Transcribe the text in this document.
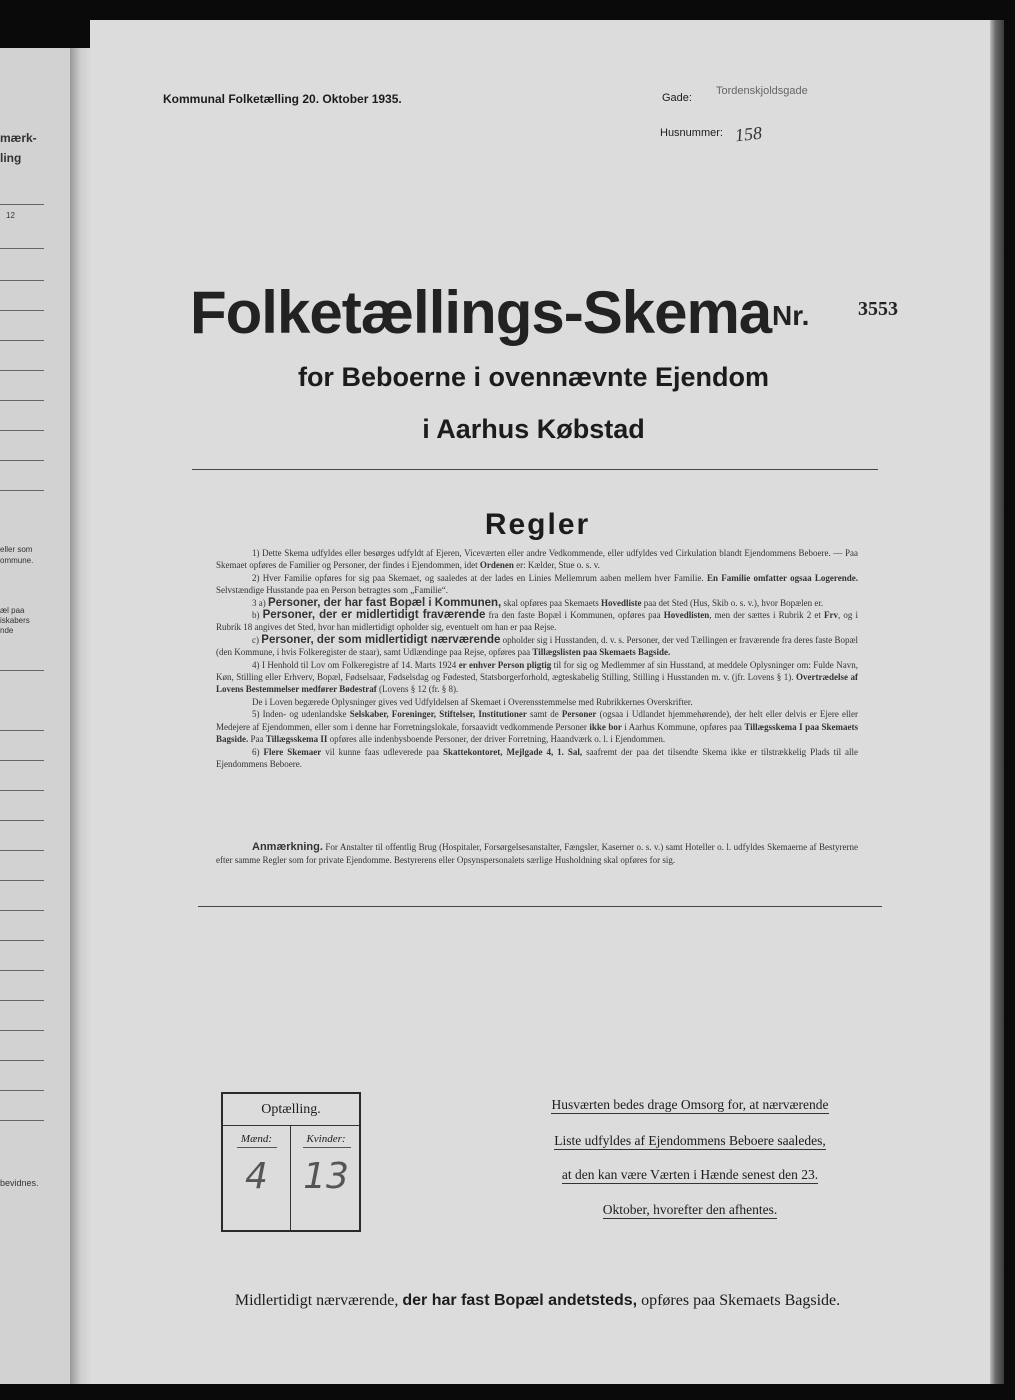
mærk-
ling
12
eller som
ommune.
æl paa
iskabers
nde
bevidnes.
Kommunal Folketælling 20. Oktober 1935.	Gade:
Tordenskjoldsgade
Husnummer: 158
Folketællings-Skema Nr. 3553
for Beboerne i ovennævnte Ejendom
i Aarhus Købstad
Regler

1) Dette Skema udfyldes eller besørges udfyldt af Ejeren, Viceværten eller andre Vedkommende, eller udfyldes ved Cirkulation blandt Ejendommens Beboere. — Paa Skemaet opføres de Familier og Personer, der findes i Ejendommen, idet Ordenen er: Kælder, Stue o. s. v.

2) Hver Familie opføres for sig paa Skemaet, og saaledes at der lades en Linies Mellemrum aaben mellem hver Familie. En Familie omfatter ogsaa Logerende. Selvstændige Husstande paa en Person betragtes som „Familie“.

3 a) Personer, der har fast Bopæl i Kommunen, skal opføres paa Skemaets Hovedliste paa det Sted (Hus, Skib o. s. v.), hvor Bopælen er.

b) Personer, der er midlertidigt fraværende fra den faste Bopæl i Kommunen, opføres paa Hovedlisten, men der sættes i Rubrik 2 et Frv, og i Rubrik 18 angives det Sted, hvor han midlertidigt opholder sig, eventuelt om han er paa Rejse.

c) Personer, der som midlertidigt nærværende opholder sig i Husstanden, d. v. s. Personer, der ved Tællingen er fraværende fra deres faste Bopæl (den Kommune, i hvis Folkeregister de staar), samt Udlændinge paa Rejse, opføres paa Tillægslisten paa Skemaets Bagside.

4) I Henhold til Lov om Folkeregistre af 14. Marts 1924 er enhver Person pligtig til for sig og Medlemmer af sin Husstand, at meddele Oplysninger om: Fulde Navn, Køn, Stilling eller Erhverv, Bopæl, Fødselsaar, Fødselsdag og Fødested, Statsborgerforhold, ægteskabelig Stilling, Stilling i Husstanden m. v. (jfr. Lovens § 1). Overtrædelse af Lovens Bestemmelser medfører Bødestraf (Lovens § 12 (fr. § 8).

De i Loven begærede Oplysninger gives ved Udfyldelsen af Skemaet i Overensstemmelse med Rubrikkernes Overskrifter.

5) Inden- og udenlandske Selskaber, Foreninger, Stiftelser, Institutioner samt de Personer (ogsaa i Udlandet hjemmehørende), der helt eller delvis er Ejere eller Medejere af Ejendommen, eller som i denne har Forretningslokale, forsaavidt vedkommende Personer ikke bor i Aarhus Kommune, opføres paa Tillægsskema I paa Skemaets Bagside. Paa Tillægsskema II opføres alle indenbysboende Personer, der driver Forretning, Haandværk o. l. i Ejendommen.

6) Flere Skemaer vil kunne faas udleverede paa Skattekontoret, Mejlgade 4, 1. Sal, saafremt der paa det tilsendte Skema ikke er tilstrækkelig Plads til alle Ejendommens Beboere.

Anmærkning. For Anstalter til offentlig Brug (Hospitaler, Forsørgelsesanstalter, Fængsler, Kaserner o. s. v.) samt Hoteller o. l. udfyldes Skemaerne af Bestyrerne efter samme Regler som for private Ejendomme. Bestyrerens eller Opsynspersonalets særlige Husholdning skal opføres for sig.
Optælling.
Mænd:	Kvinder:
4 13
Husværten bedes drage Omsorg for, at nærværende
Liste udfyldes af Ejendommens Beboere saaledes,
at den kan være Værten i Hænde senest den 23.
Oktober, hvorefter den afhentes.
Midlertidigt nærværende, der har fast Bopæl andetsteds, opføres paa Skemaets Bagside.
